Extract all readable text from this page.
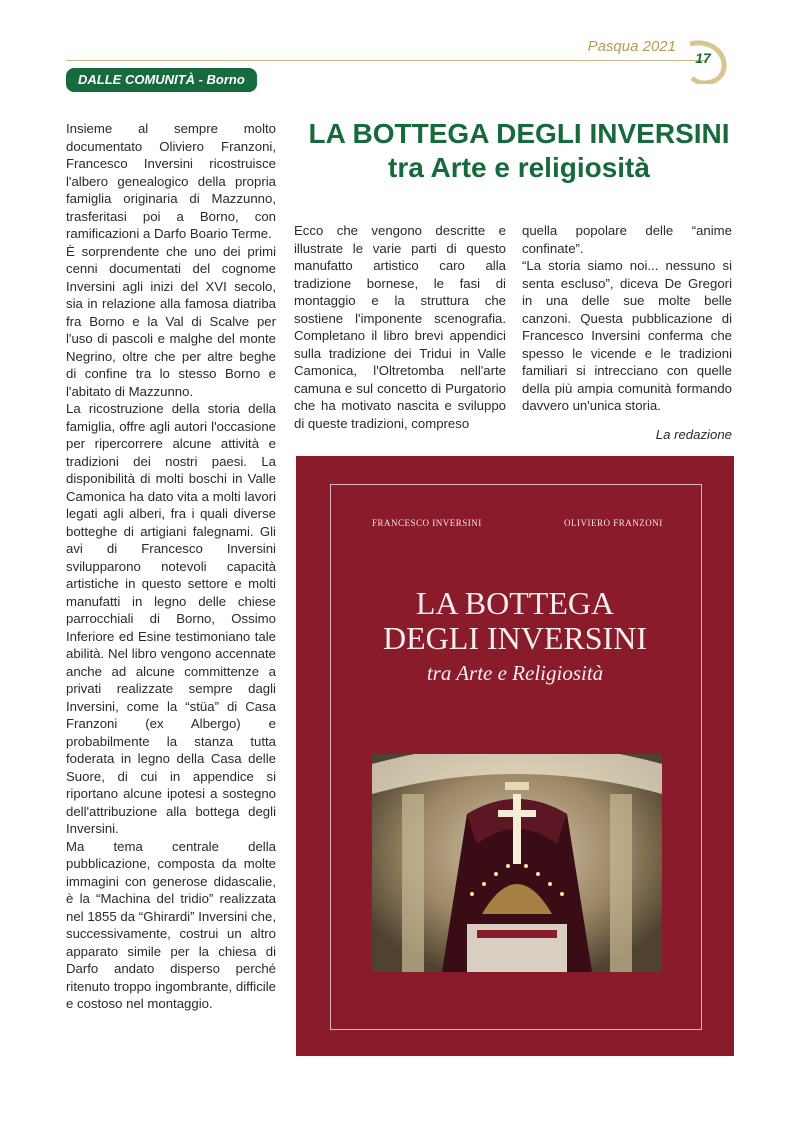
Pasqua 2021
17
DALLE COMUNITÀ - Borno
LA BOTTEGA DEGLI INVERSINI
tra Arte e religiosità

Insieme al sempre molto documentato Oliviero Franzoni, Francesco Inversini ricostruisce l'albero genealogico della propria famiglia originaria di Mazzunno, trasferitasi poi a Borno, con ramificazioni a Darfo Boario Terme.

È sorprendente che uno dei primi cenni documentati del cognome Inversini agli inizi del XVI secolo, sia in relazione alla famosa diatriba fra Borno e la Val di Scalve per l'uso di pascoli e malghe del monte Negrino, oltre che per altre beghe di confine tra lo stesso Borno e l'abitato di Mazzunno.

La ricostruzione della storia della famiglia, offre agli autori l'occasione per ripercorrere alcune attività e tradizioni dei nostri paesi. La disponibilità di molti boschi in Valle Camonica ha dato vita a molti lavori legati agli alberi, fra i quali diverse botteghe di artigiani falegnami. Gli avi di Francesco Inversini svilupparono notevoli capacità artistiche in questo settore e molti manufatti in legno delle chiese parrocchiali di Borno, Ossimo Inferiore ed Esine testimoniano tale abilità. Nel libro vengono accennate anche ad alcune committenze a privati realizzate sempre dagli Inversini, come la “stüa” di Casa Franzoni (ex Albergo) e probabilmente la stanza tutta foderata in legno della Casa delle Suore, di cui in appendice si riportano alcune ipotesi a sostegno dell'attribuzione alla bottega degli Inversini.

Ma tema centrale della pubblicazione, composta da molte immagini con generose didascalie, è la “Machina del tridio” realizzata nel 1855 da “Ghirardi” Inversini che, successivamente, costrui un altro apparato simile per la chiesa di Darfo andato disperso perché ritenuto troppo ingombrante, difficile e costoso nel montaggio.

Ecco che vengono descritte e illustrate le varie parti di questo manufatto artistico caro alla tradizione bornese, le fasi di montaggio e la struttura che sostiene l'imponente scenografia. Completano il libro brevi appendici sulla tradizione dei Tridui in Valle Camonica, l'Oltretomba nell'arte camuna e sul concetto di Purgatorio che ha motivato nascita e sviluppo di queste tradizioni, compreso

quella popolare delle “anime confinate”.

“La storia siamo noi... nessuno si senta escluso”, diceva De Gregori in una delle sue molte belle canzoni. Questa pubblicazione di Francesco Inversini conferma che spesso le vicende e le tradizioni familiari si intrecciano con quelle della più ampia comunità formando davvero un'unica storia.

La redazione
FRANCESCO INVERSINI	OLIVIERO FRANZONI
LA BOTTEGA
DEGLI INVERSINI
tra Arte e Religiosità
